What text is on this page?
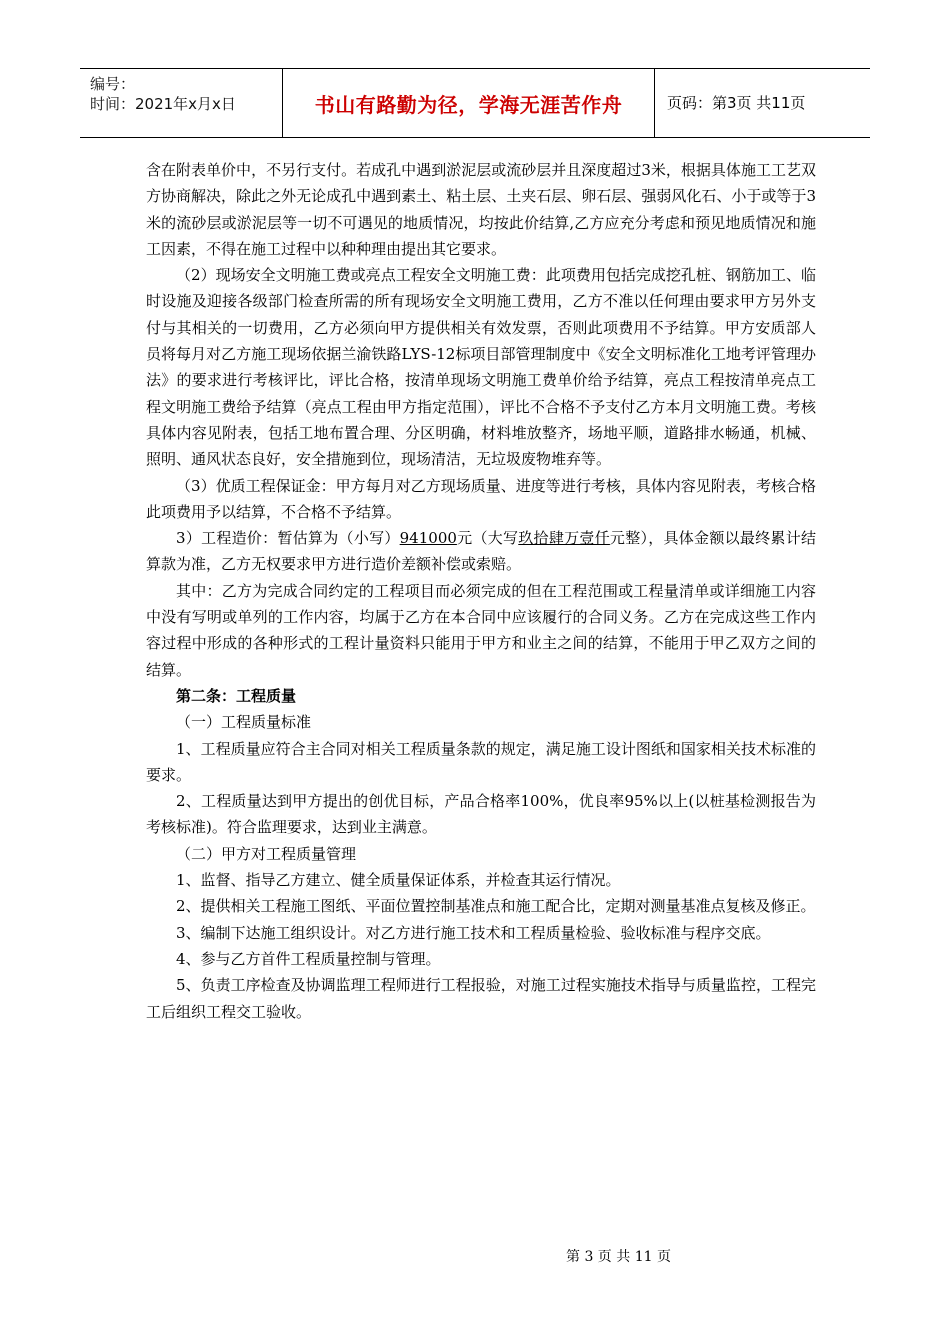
编号：
时间：2021年x月x日	书山有路勤为径，学海无涯苦作舟	页码：第3页 共11页

含在附表单价中，不另行支付。若成孔中遇到淤泥层或流砂层并且深度超过3米，根据具体施工工艺双方协商解决，除此之外无论成孔中遇到素土、粘土层、土夹石层、卵石层、强弱风化石、小于或等于3米的流砂层或淤泥层等一切不可遇见的地质情况，均按此价结算,乙方应充分考虑和预见地质情况和施工因素，不得在施工过程中以种种理由提出其它要求。

（2）现场安全文明施工费或亮点工程安全文明施工费：此项费用包括完成挖孔桩、钢筋加工、临时设施及迎接各级部门检查所需的所有现场安全文明施工费用，乙方不准以任何理由要求甲方另外支付与其相关的一切费用，乙方必须向甲方提供相关有效发票，否则此项费用不予结算。甲方安质部人员将每月对乙方施工现场依据兰渝铁路LYS-12标项目部管理制度中《安全文明标准化工地考评管理办法》的要求进行考核评比，评比合格，按清单现场文明施工费单价给予结算，亮点工程按清单亮点工程文明施工费给予结算（亮点工程由甲方指定范围），评比不合格不予支付乙方本月文明施工费。考核具体内容见附表，包括工地布置合理、分区明确，材料堆放整齐，场地平顺，道路排水畅通，机械、照明、通风状态良好，安全措施到位，现场清洁，无垃圾废物堆弃等。

（3）优质工程保证金：甲方每月对乙方现场质量、进度等进行考核，具体内容见附表，考核合格此项费用予以结算，不合格不予结算。

3）工程造价：暂估算为（小写）941000元（大写玖拾肆万壹仟元整），具体金额以最终累计结算款为准，乙方无权要求甲方进行造价差额补偿或索赔。

其中：乙方为完成合同约定的工程项目而必须完成的但在工程范围或工程量清单或详细施工内容中没有写明或单列的工作内容，均属于乙方在本合同中应该履行的合同义务。乙方在完成这些工作内容过程中形成的各种形式的工程计量资料只能用于甲方和业主之间的结算，不能用于甲乙双方之间的结算。

第二条：工程质量

（一）工程质量标准

1、工程质量应符合主合同对相关工程质量条款的规定，满足施工设计图纸和国家相关技术标准的要求。

2、工程质量达到甲方提出的创优目标，产品合格率100%，优良率95%以上(以桩基检测报告为考核标准)。符合监理要求，达到业主满意。

（二）甲方对工程质量管理

1、监督、指导乙方建立、健全质量保证体系，并检查其运行情况。

2、提供相关工程施工图纸、平面位置控制基准点和施工配合比，定期对测量基准点复核及修正。

3、编制下达施工组织设计。对乙方进行施工技术和工程质量检验、验收标准与程序交底。

4、参与乙方首件工程质量控制与管理。

5、负责工序检查及协调监理工程师进行工程报验，对施工过程实施技术指导与质量监控，工程完工后组织工程交工验收。

第 3 页 共 11 页
